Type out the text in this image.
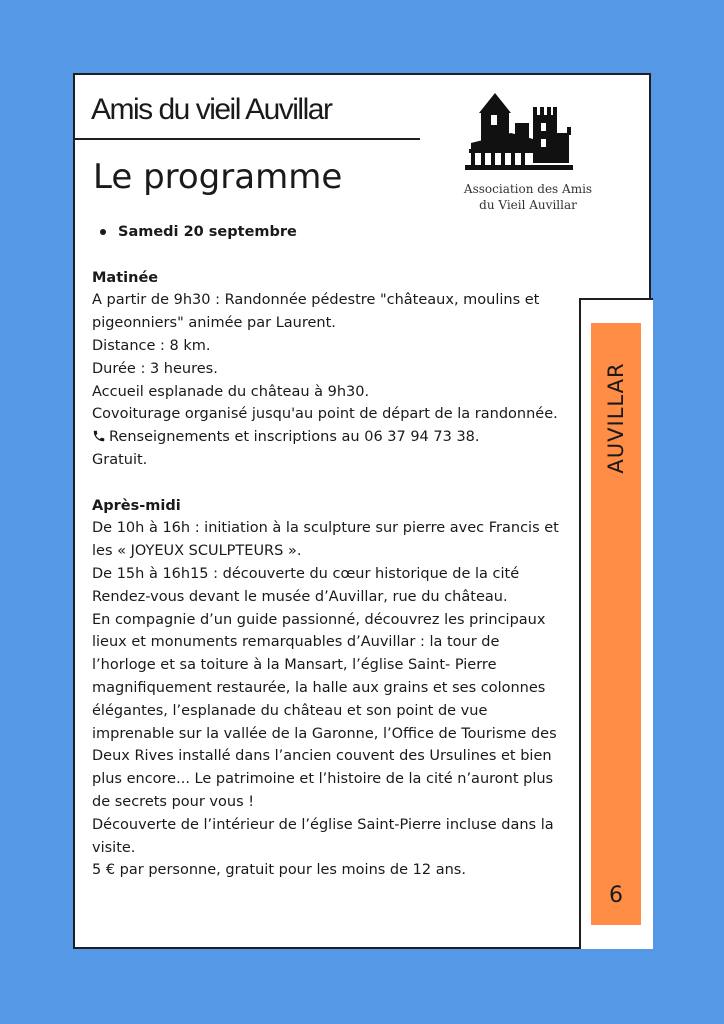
Amis du vieil Auvillar
Le programme	Association des Amis
du Vieil Auvillar
Samedi 20 septembre

Matinée

A partir de 9h30 : Randonnée pédestre "châteaux, moulins et pigeonniers" animée par Laurent.

Distance : 8 km.

Durée : 3 heures.

Accueil esplanade du château à 9h30.

Covoiturage organisé jusqu'au point de départ de la randonnée.

Renseignements et inscriptions au 06 37 94 73 38.

Gratuit.

Après-midi

De 10h à 16h : initiation à la sculpture sur pierre avec Francis et les « JOYEUX SCULPTEURS ».

De 15h à 16h15 : découverte du cœur historique de la cité

Rendez-vous devant le musée d’Auvillar, rue du château.

En compagnie d’un guide passionné, découvrez les principaux lieux et monuments remarquables d’Auvillar : la tour de l’horloge et sa toiture à la Mansart, l’église Saint- Pierre magnifiquement restaurée, la halle aux grains et ses colonnes élégantes, l’esplanade du château et son point de vue imprenable sur la vallée de la Garonne, l’Office de Tourisme des Deux Rives installé dans l’ancien couvent des Ursulines et bien plus encore... Le patrimoine et l’histoire de la cité n’auront plus de secrets pour vous !

Découverte de l’intérieur de l’église Saint-Pierre incluse dans la visite.

5 € par personne, gratuit pour les moins de 12 ans.

AUVILLAR
6
